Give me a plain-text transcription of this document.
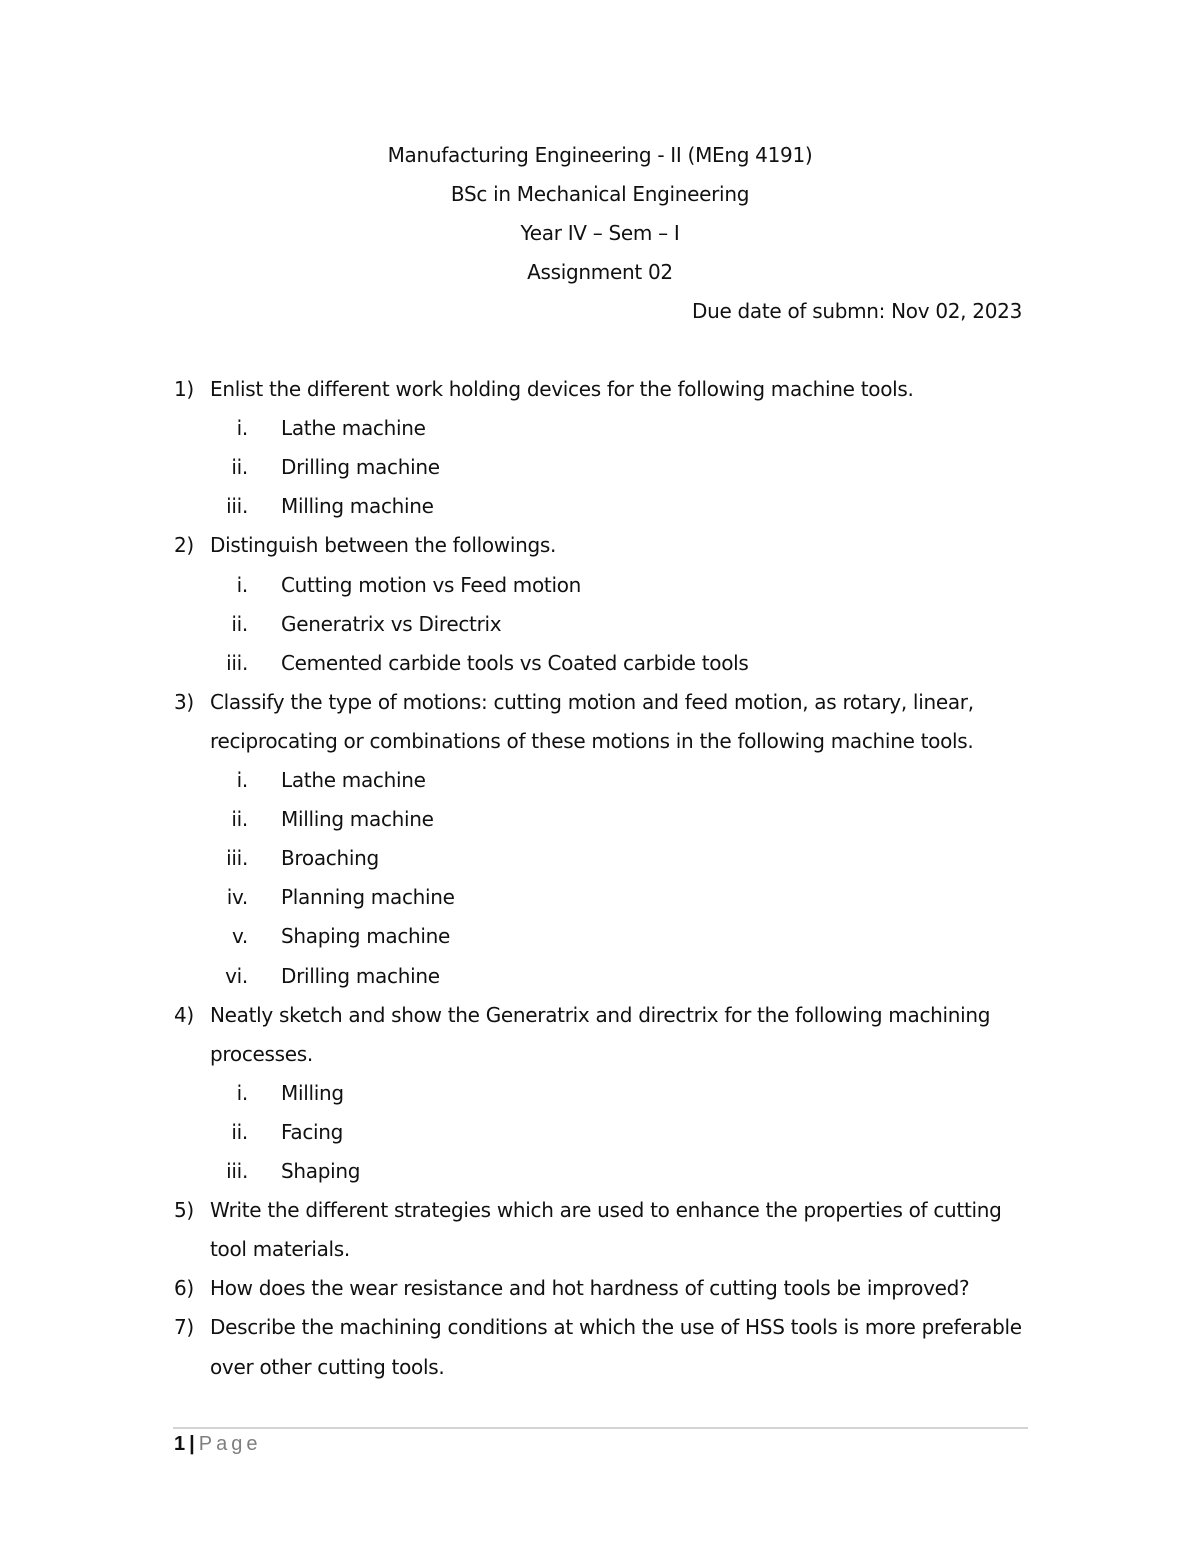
Manufacturing Engineering - II (MEng 4191)
BSc in Mechanical Engineering
Year IV – Sem – I
Assignment 02
Due date of submn: Nov 02, 2023
1) Enlist the different work holding devices for the following machine tools.
i. Lathe machine
ii. Drilling machine
iii. Milling machine
2) Distinguish between the followings.
i. Cutting motion vs Feed motion
ii. Generatrix vs Directrix
iii. Cemented carbide tools vs Coated carbide tools
3) Classify the type of motions: cutting motion and feed motion, as rotary, linear,
reciprocating or combinations of these motions in the following machine tools.
i. Lathe machine
ii. Milling machine
iii. Broaching
iv. Planning machine
v. Shaping machine
vi. Drilling machine
4) Neatly sketch and show the Generatrix and directrix for the following machining
processes.
i. Milling
ii. Facing
iii. Shaping
5) Write the different strategies which are used to enhance the properties of cutting
tool materials.
6) How does the wear resistance and hot hardness of cutting tools be improved?
7) Describe the machining conditions at which the use of HSS tools is more preferable
over other cutting tools.
1 | Page
